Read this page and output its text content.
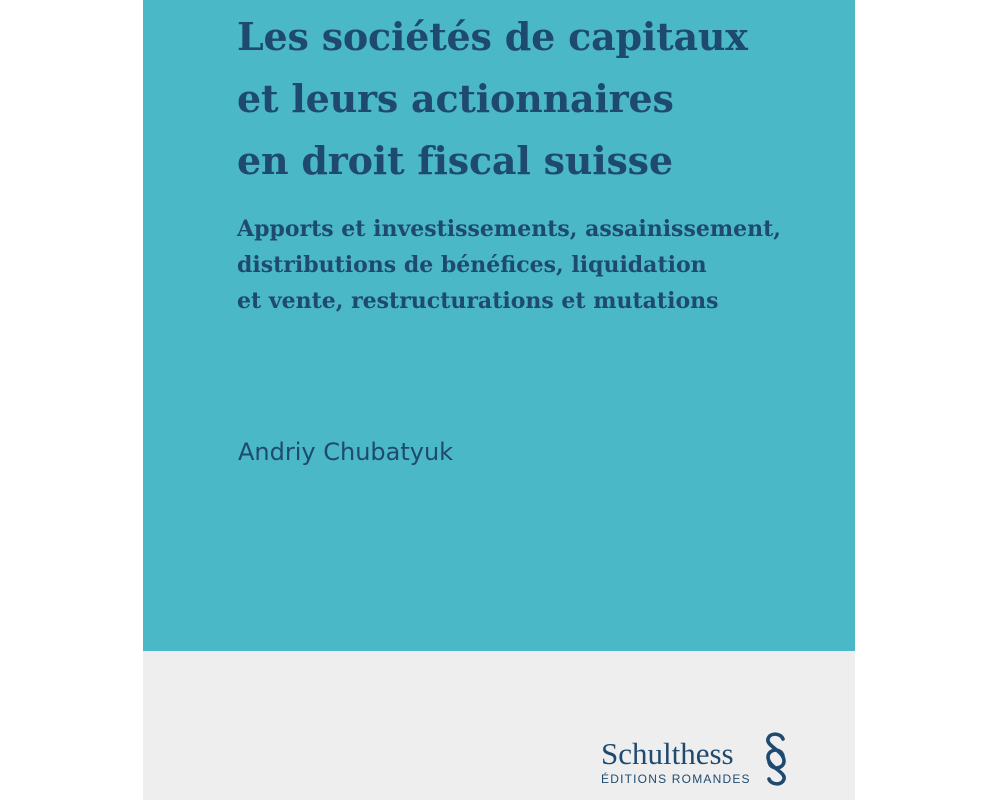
Les sociétés de capitaux
et leurs actionnaires
en droit fiscal suisse
Apports et investissements, assainissement,
distributions de bénéfices, liquidation
et vente, restructurations et mutations

Andriy Chubatyuk

Schulthess
ÉDITIONS ROMANDES
